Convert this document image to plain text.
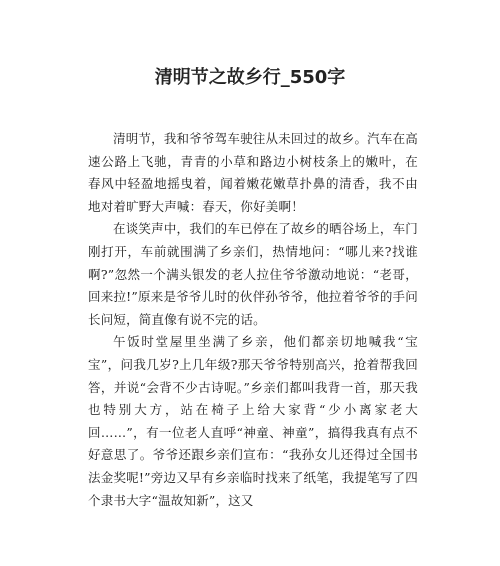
清明节之故乡行_550字

清明节，我和爷爷驾车驶往从未回过的故乡。汽车在高速公路上飞驰，青青的小草和路边小树枝条上的嫩叶，在春风中轻盈地摇曳着，闻着嫩花嫩草扑鼻的清香，我不由地对着旷野大声喊：春天，你好美啊！

在谈笑声中，我们的车已停在了故乡的晒谷场上，车门刚打开，车前就围满了乡亲们，热情地问：“哪儿来?找谁啊?”忽然一个满头银发的老人拉住爷爷激动地说：“老哥，回来拉!”原来是爷爷儿时的伙伴孙爷爷，他拉着爷爷的手问长问短，简直像有说不完的话。

午饭时堂屋里坐满了乡亲，他们都亲切地喊我“宝宝”，问我几岁?上几年级?那天爷爷特别高兴，抢着帮我回答，并说“会背不少古诗呢。”乡亲们都叫我背一首，那天我也特别大方，站在椅子上给大家背“少小离家老大回……”，有一位老人直呼“神童、神童”，搞得我真有点不好意思了。爷爷还跟乡亲们宣布：“我孙女儿还得过全国书法金奖呢!”旁边又早有乡亲临时找来了纸笔，我提笔写了四个隶书大字“温故知新”，这又
